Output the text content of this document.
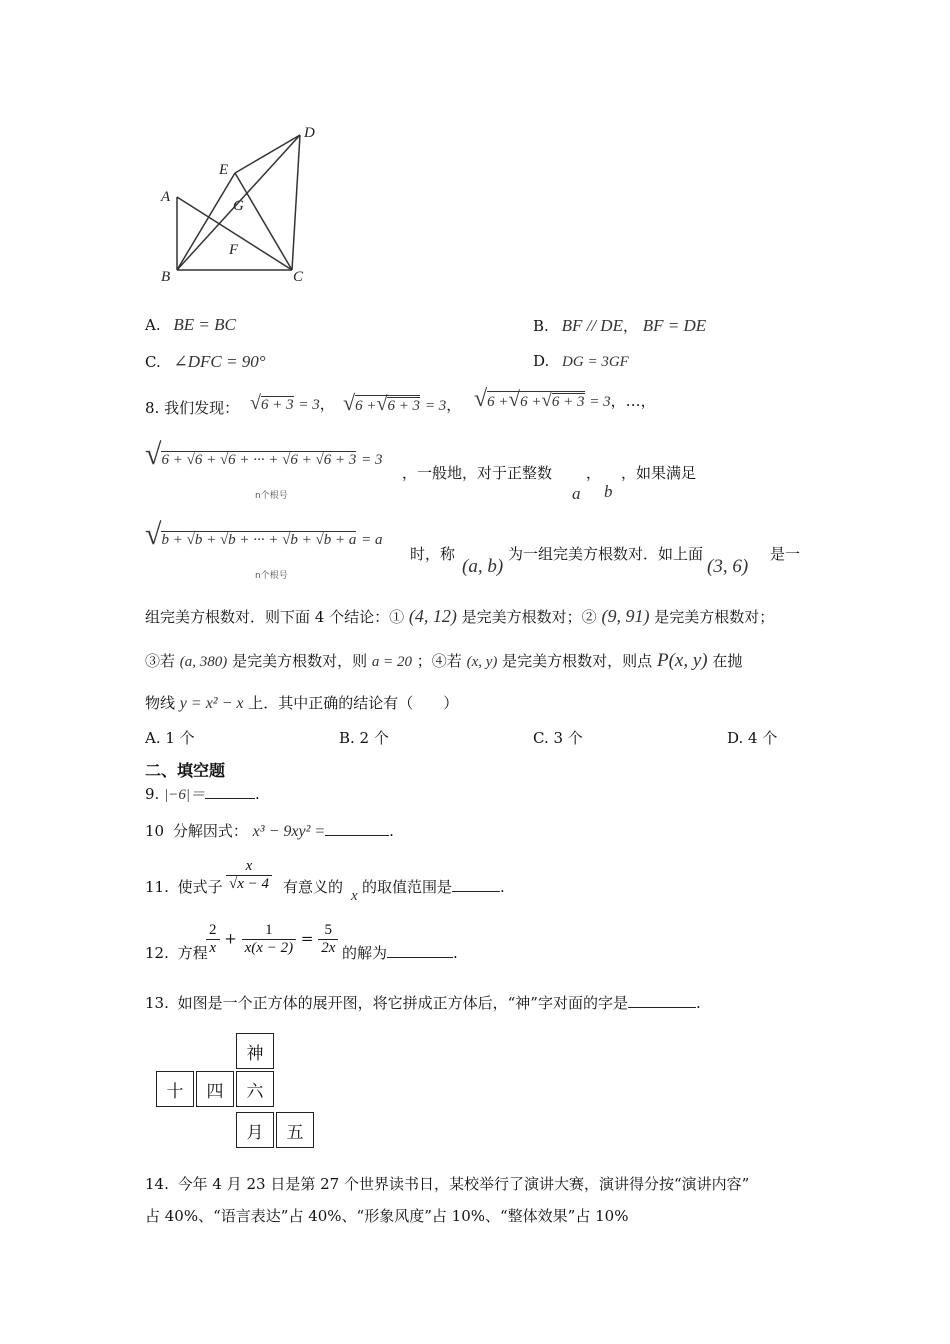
A
B	C
D
E
F
G
A. BE = BC	B. BF // DE， BF = DE
C. ∠DFC = 90°	D. DG = 3GF
8. 我们发现： √6 + 3 = 3， √6 +√6 + 3 = 3， √6 +√6 +√6 + 3 = 3，…，
√6 + √6 + √6 + ··· + √6 + √6 + 3 = 3
n个根号
，一般地，对于正整数
a
，
b
，如果满足
√b + √b + √b + ··· + √b + √b + a = a
n个根号
时，称
(a, b)
为一组完美方根数对．如上面
(3, 6)
是一
组完美方根数对．则下面 4 个结论：① (4, 12) 是完美方根数对；② (9, 91) 是完美方根数对；
③若 (a, 380) 是完美方根数对，则 a = 20 ；④若 (x, y) 是完美方根数对，则点 P(x, y) 在抛
物线 y = x² − x 上．其中正确的结论有（　　）
A. 1 个	B. 2 个	C. 3 个	D. 4 个
二、填空题
9. |−6|＝	.
10 分解因式： x³ − 9xy² =	.
11. 使式子 $\frac{x}{√x - 4}$ 有意义的 x 的取值范围是	.
12. 方程
$\frac{2}{x} + \frac{1}{x(x - 2)} = \frac{5}{2x}$ 的解为	.
13. 如图是一个正方体的展开图，将它拼成正方体后，“神”字对面的字是	.
神
十	四	六
月	五
14. 今年 4 月 23 日是第 27 个世界读书日，某校举行了演讲大赛，演讲得分按“演讲内容”
占 40%、“语言表达”占 40%、“形象风度”占 10%、“整体效果”占 10%
